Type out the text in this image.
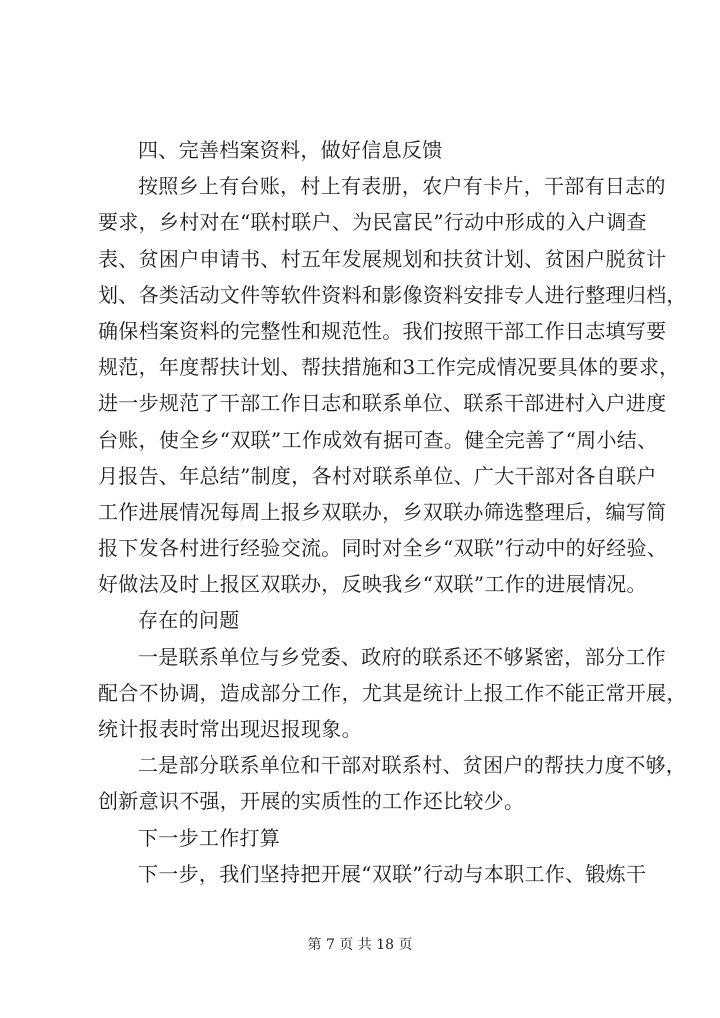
四、完善档案资料，做好信息反馈
按照乡上有台账，村上有表册，农户有卡片，干部有日志的
要求，乡村对在“联村联户、为民富民”行动中形成的入户调查
表、贫困户申请书、村五年发展规划和扶贫计划、贫困户脱贫计
划、各类活动文件等软件资料和影像资料安排专人进行整理归档，
确保档案资料的完整性和规范性。我们按照干部工作日志填写要
规范，年度帮扶计划、帮扶措施和3工作完成情况要具体的要求，
进一步规范了干部工作日志和联系单位、联系干部进村入户进度
台账，使全乡“双联”工作成效有据可查。健全完善了“周小结、
月报告、年总结”制度，各村对联系单位、广大干部对各自联户
工作进展情况每周上报乡双联办，乡双联办筛选整理后，编写简
报下发各村进行经验交流。同时对全乡“双联”行动中的好经验、
好做法及时上报区双联办，反映我乡“双联”工作的进展情况。
存在的问题
一是联系单位与乡党委、政府的联系还不够紧密，部分工作
配合不协调，造成部分工作，尤其是统计上报工作不能正常开展，
统计报表时常出现迟报现象。
二是部分联系单位和干部对联系村、贫困户的帮扶力度不够，
创新意识不强，开展的实质性的工作还比较少。
下一步工作打算
下一步，我们坚持把开展“双联”行动与本职工作、锻炼干
第 7 页 共 18 页
